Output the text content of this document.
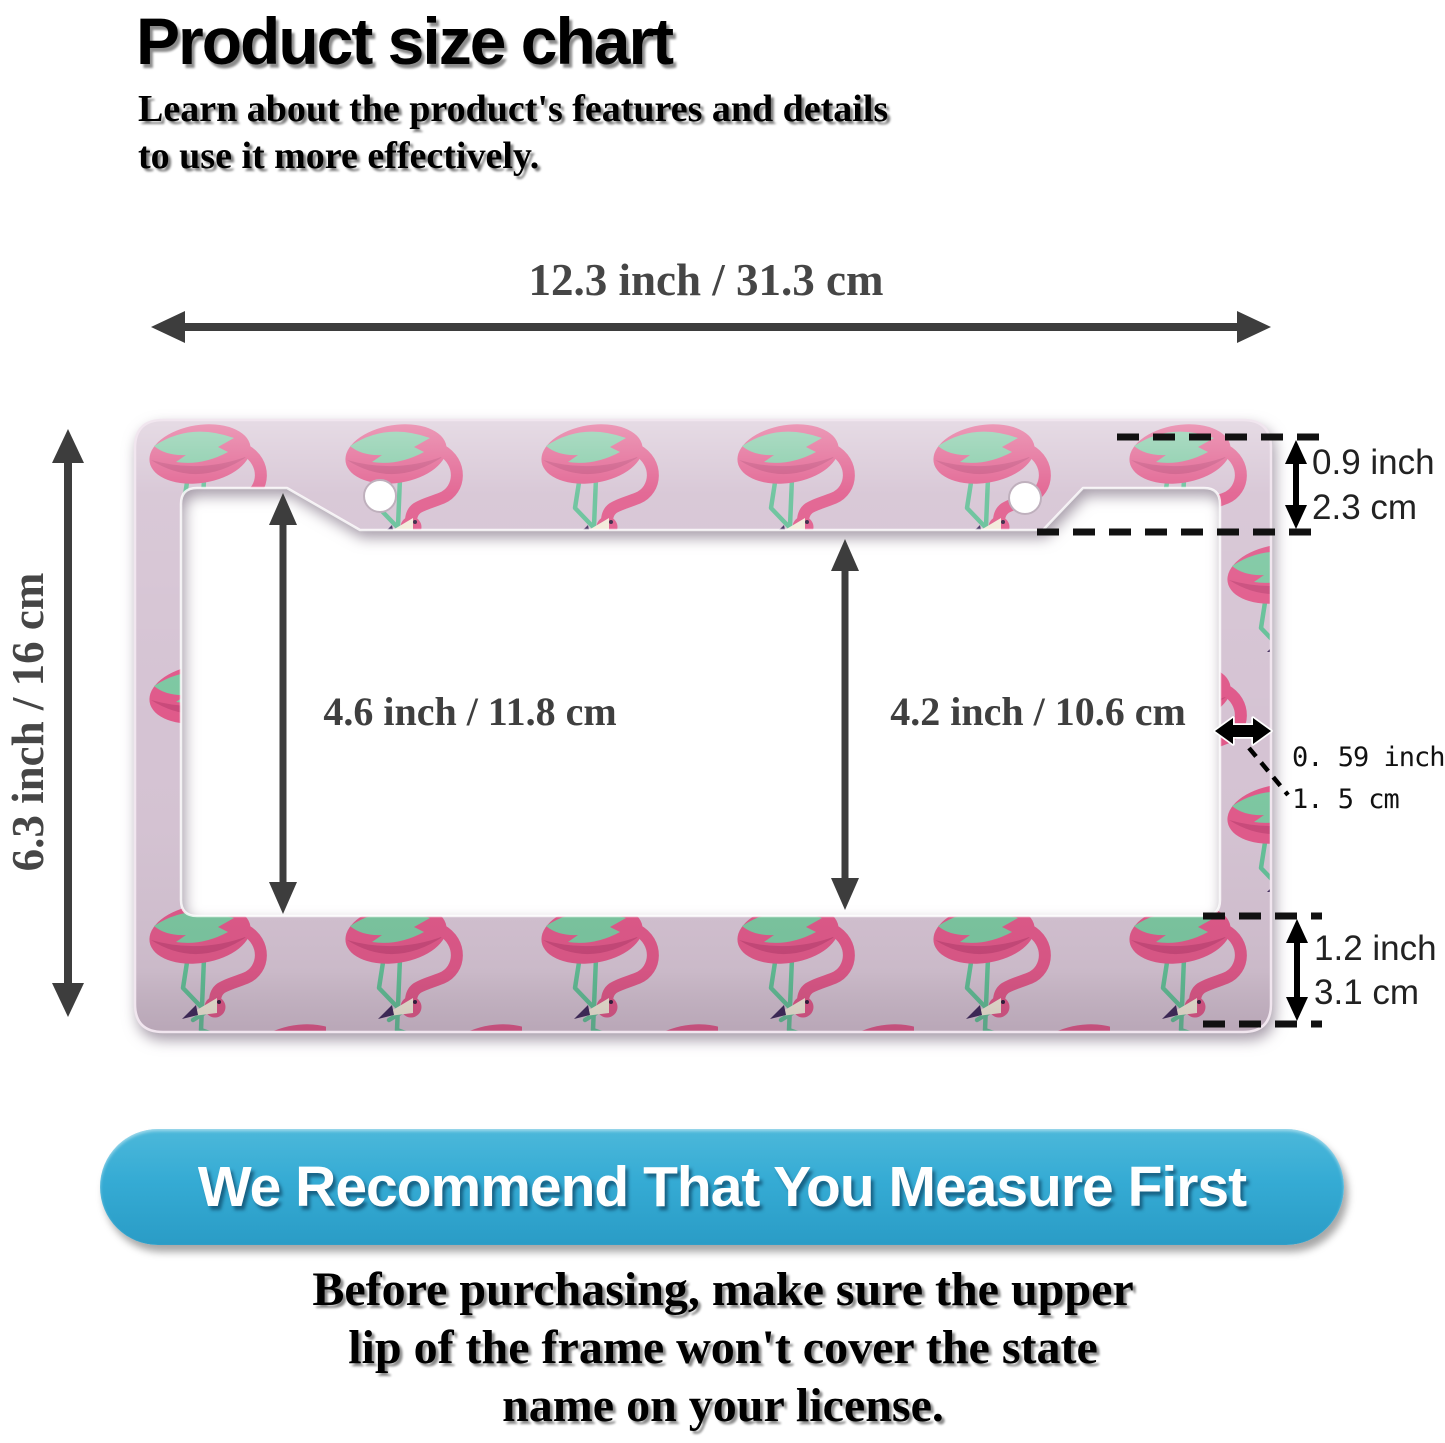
Product size chart
Learn about the product's features and details
to use it more effectively.
12.3 inch / 31.3 cm
6.3 inch / 16 cm	4.6 inch / 11.8 cm	4.2 inch / 10.6 cm
0.9 inch
2.3 cm
0. 59 inch
1. 5 cm
1.2 inch
3.1 cm
We Recommend That You Measure First
Before purchasing, make sure the upper
lip of the frame won't cover the state
name on your license.
